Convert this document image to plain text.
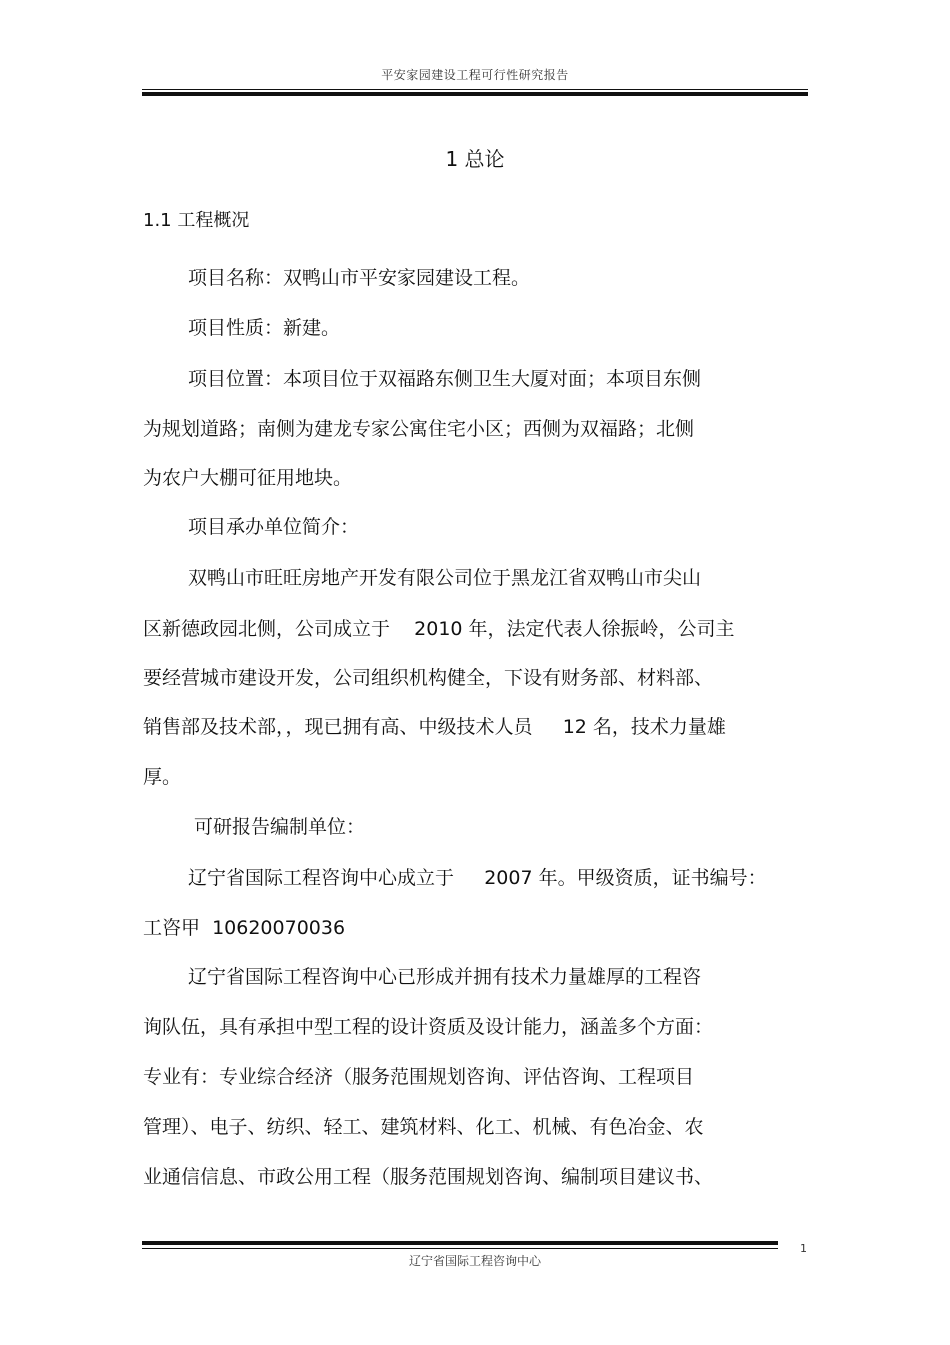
平安家园建设工程可行性研究报告
1 总论
1.1 工程概况
项目名称：双鸭山市平安家园建设工程。
项目性质：新建。
项目位置：本项目位于双福路东侧卫生大厦对面；本项目东侧
为规划道路；南侧为建龙专家公寓住宅小区；西侧为双福路；北侧
为农户大棚可征用地块。
项目承办单位简介：
双鸭山市旺旺房地产开发有限公司位于黑龙江省双鸭山市尖山
区新德政园北侧，公司成立于    2010 年，法定代表人徐振岭，公司主
要经营城市建设开发，公司组织机构健全，下设有财务部、材料部、
销售部及技术部，，现已拥有高、中级技术人员     12 名，技术力量雄
厚。
可研报告编制单位：
辽宁省国际工程咨询中心成立于     2007 年。甲级资质，证书编号：
工咨甲  10620070036
辽宁省国际工程咨询中心已形成并拥有技术力量雄厚的工程咨
询队伍，具有承担中型工程的设计资质及设计能力，涵盖多个方面：
专业有：专业综合经济（服务范围规划咨询、评估咨询、工程项目
管理）、电子、纺织、轻工、建筑材料、化工、机械、有色冶金、农
业通信信息、市政公用工程（服务范围规划咨询、编制项目建议书、
1
辽宁省国际工程咨询中心
